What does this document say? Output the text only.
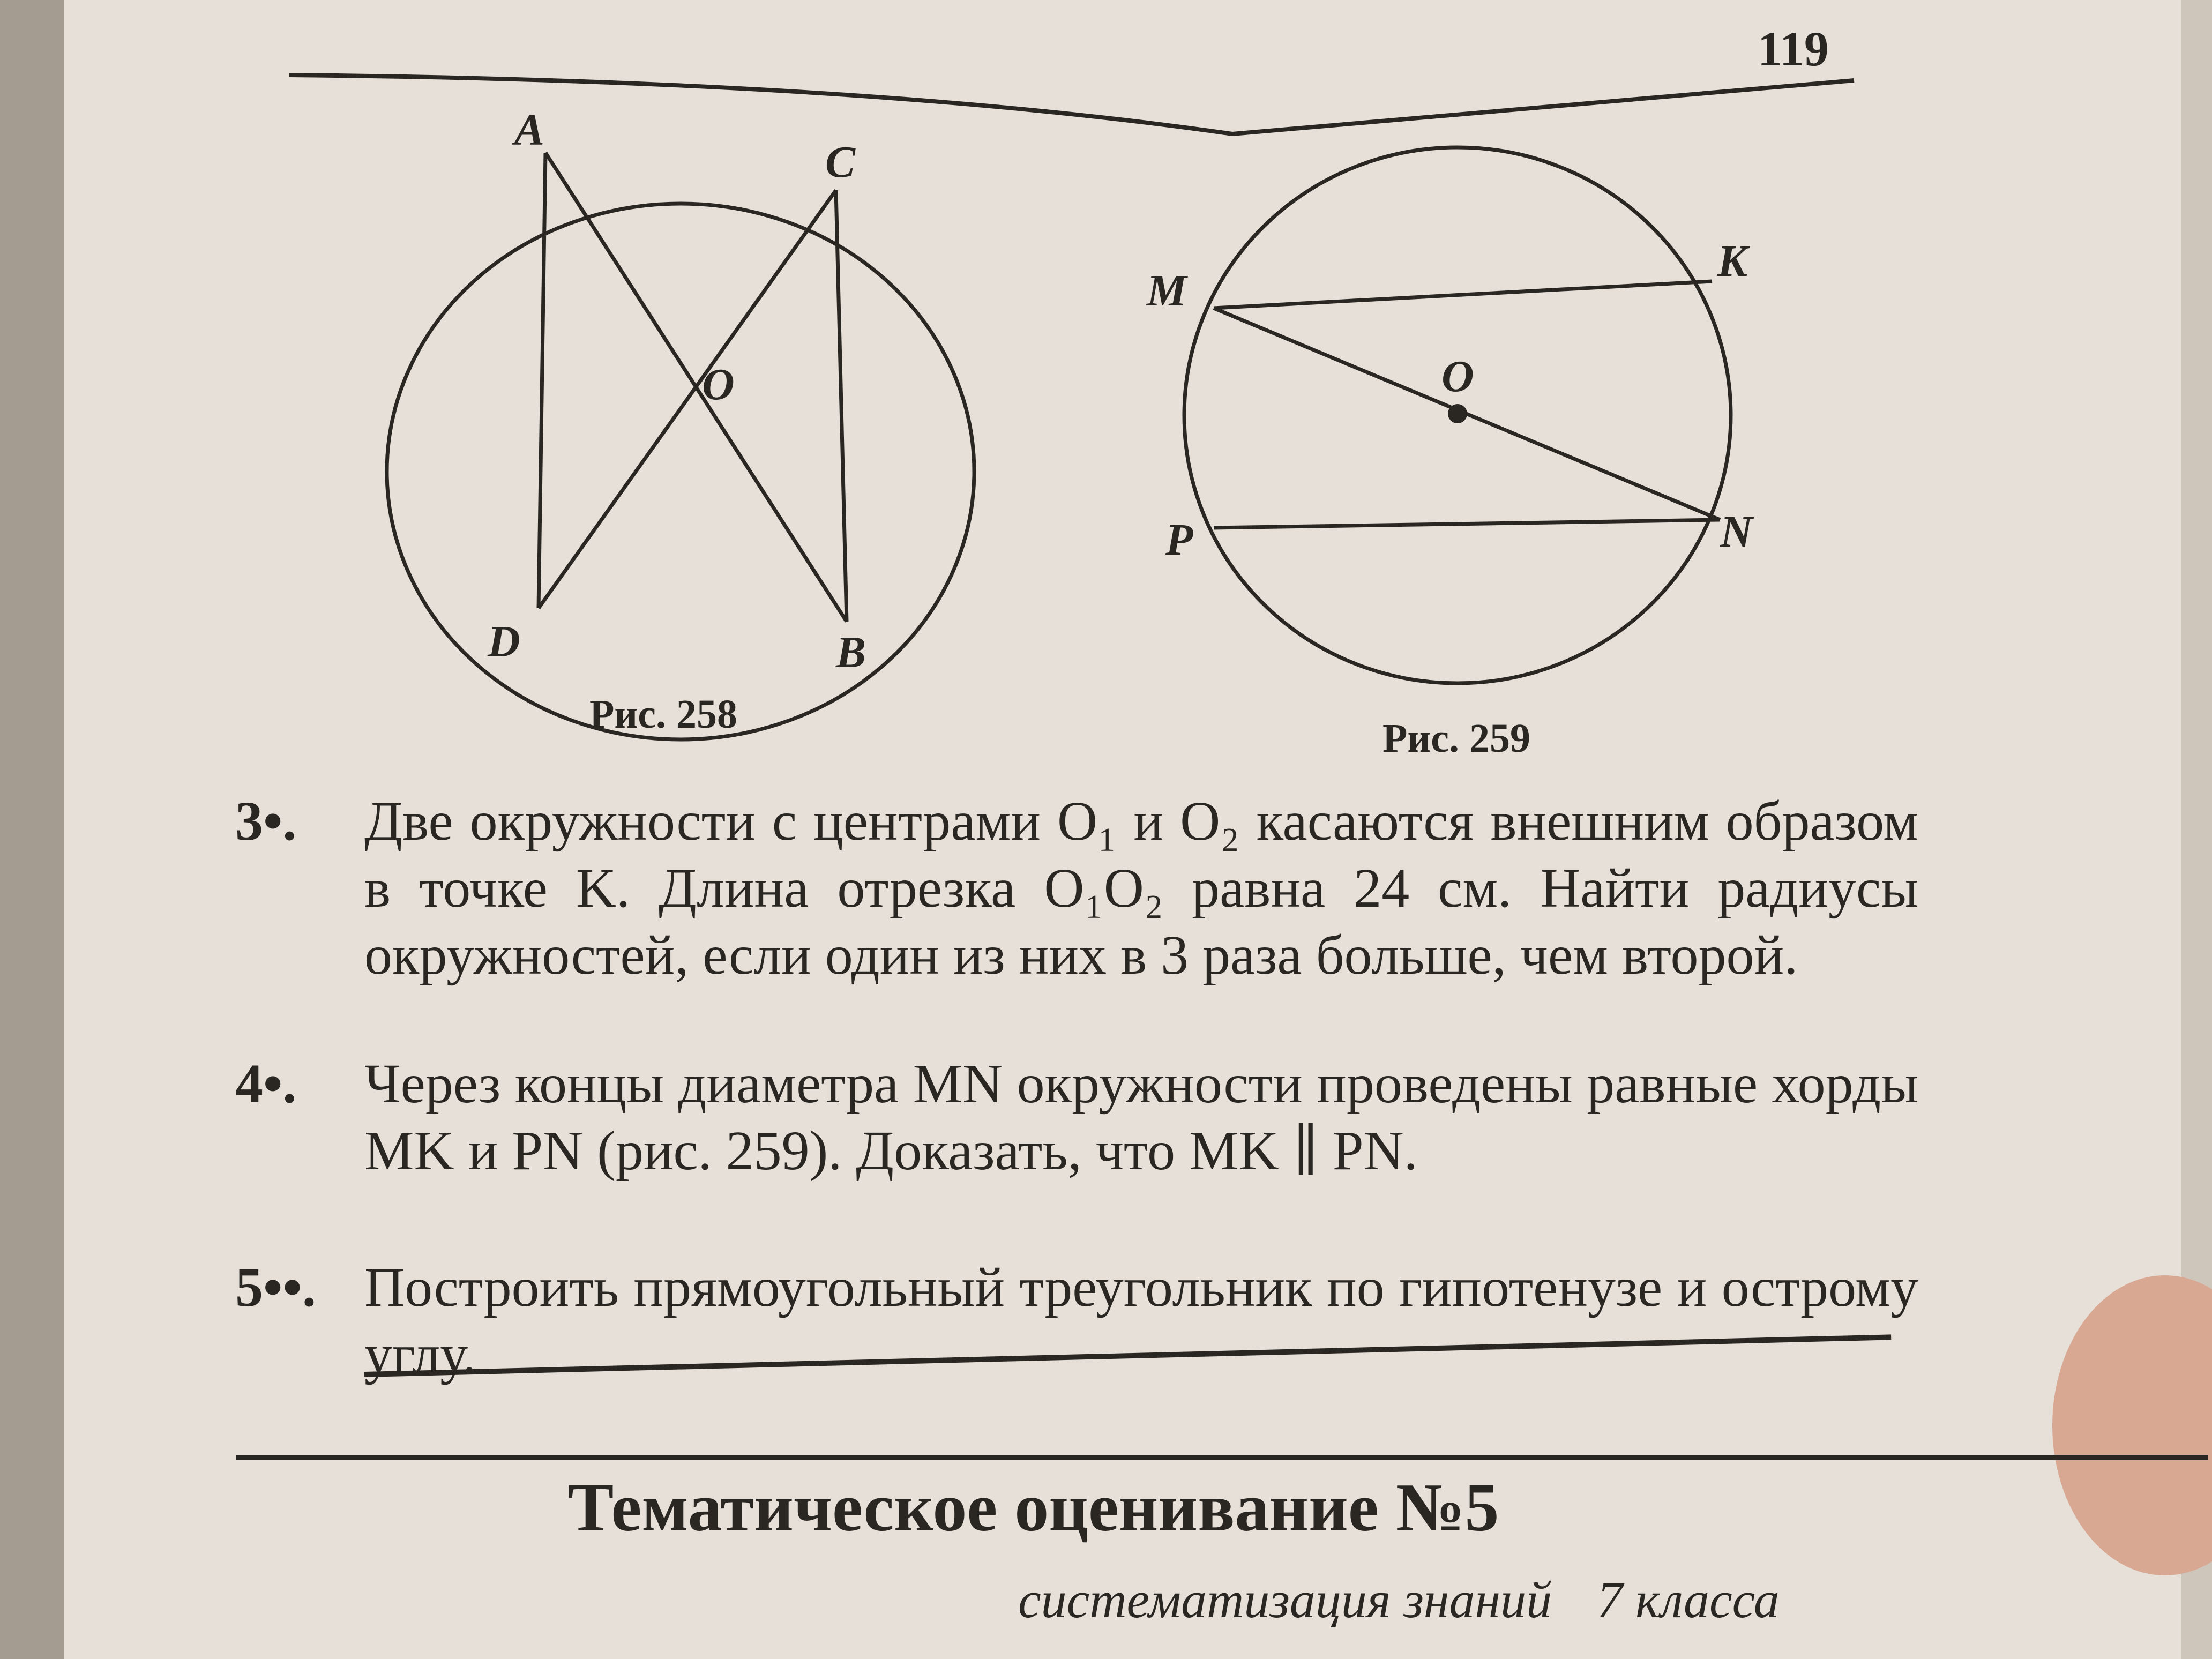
119
A
C
O
D	B
M
K
O
P	N
Рис. 258
Рис. 259
3•. Две окружности с центрами O₁ и O₂ касаются внешним образом в точке K. Длина отрезка O₁O₂ равна 24 см. Найти радиусы окружностей, если один из них в 3 раза больше, чем второй.
4•. Через концы диаметра MN окружности проведены равные хорды MK и PN (рис. 259). Доказать, что MK ∥ PN.
5••. Построить прямоугольный треугольник по гипотенузе и острому углу.
Тематическое оценивание №5
систематизация знаний 7 класса
